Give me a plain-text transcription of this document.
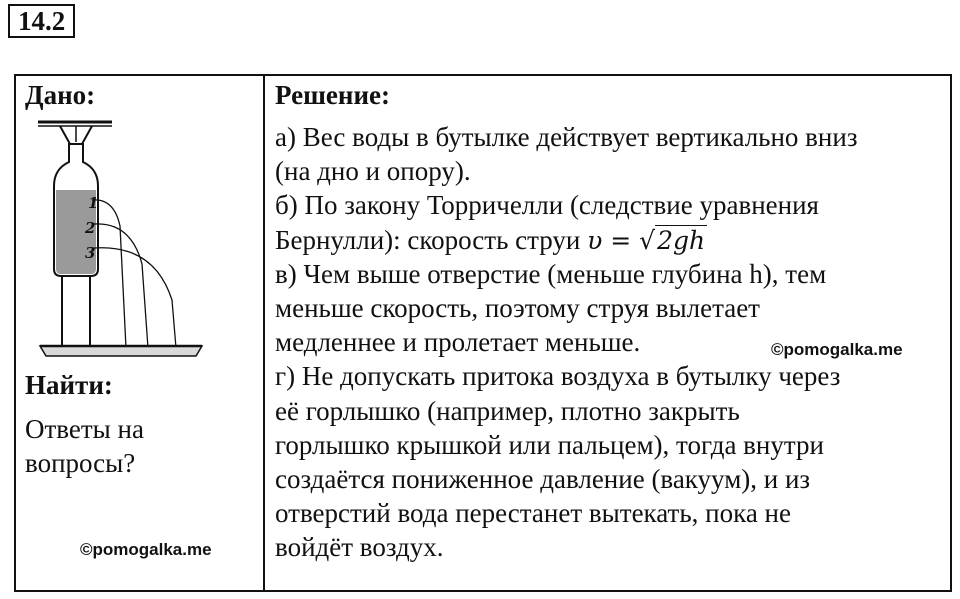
14.2
Дано:
1
2
3
Найти:
Ответы на
вопросы?
©pomogalka.me
Решение:
а) Вес воды в бутылке действует вертикально вниз
(на дно и опору).
б) По закону Торричелли (следствие уравнения
Бернулли): скорость струи υ = √2gh
в) Чем выше отверстие (меньше глубина h), тем
меньше скорость, поэтому струя вылетает
медленнее и пролетает меньше.
г) Не допускать притока воздуха в бутылку через
её горлышко (например, плотно закрыть
горлышко крышкой или пальцем), тогда внутри
создаётся пониженное давление (вакуум), и из
отверстий вода перестанет вытекать, пока не
войдёт воздух.
©pomogalka.me
